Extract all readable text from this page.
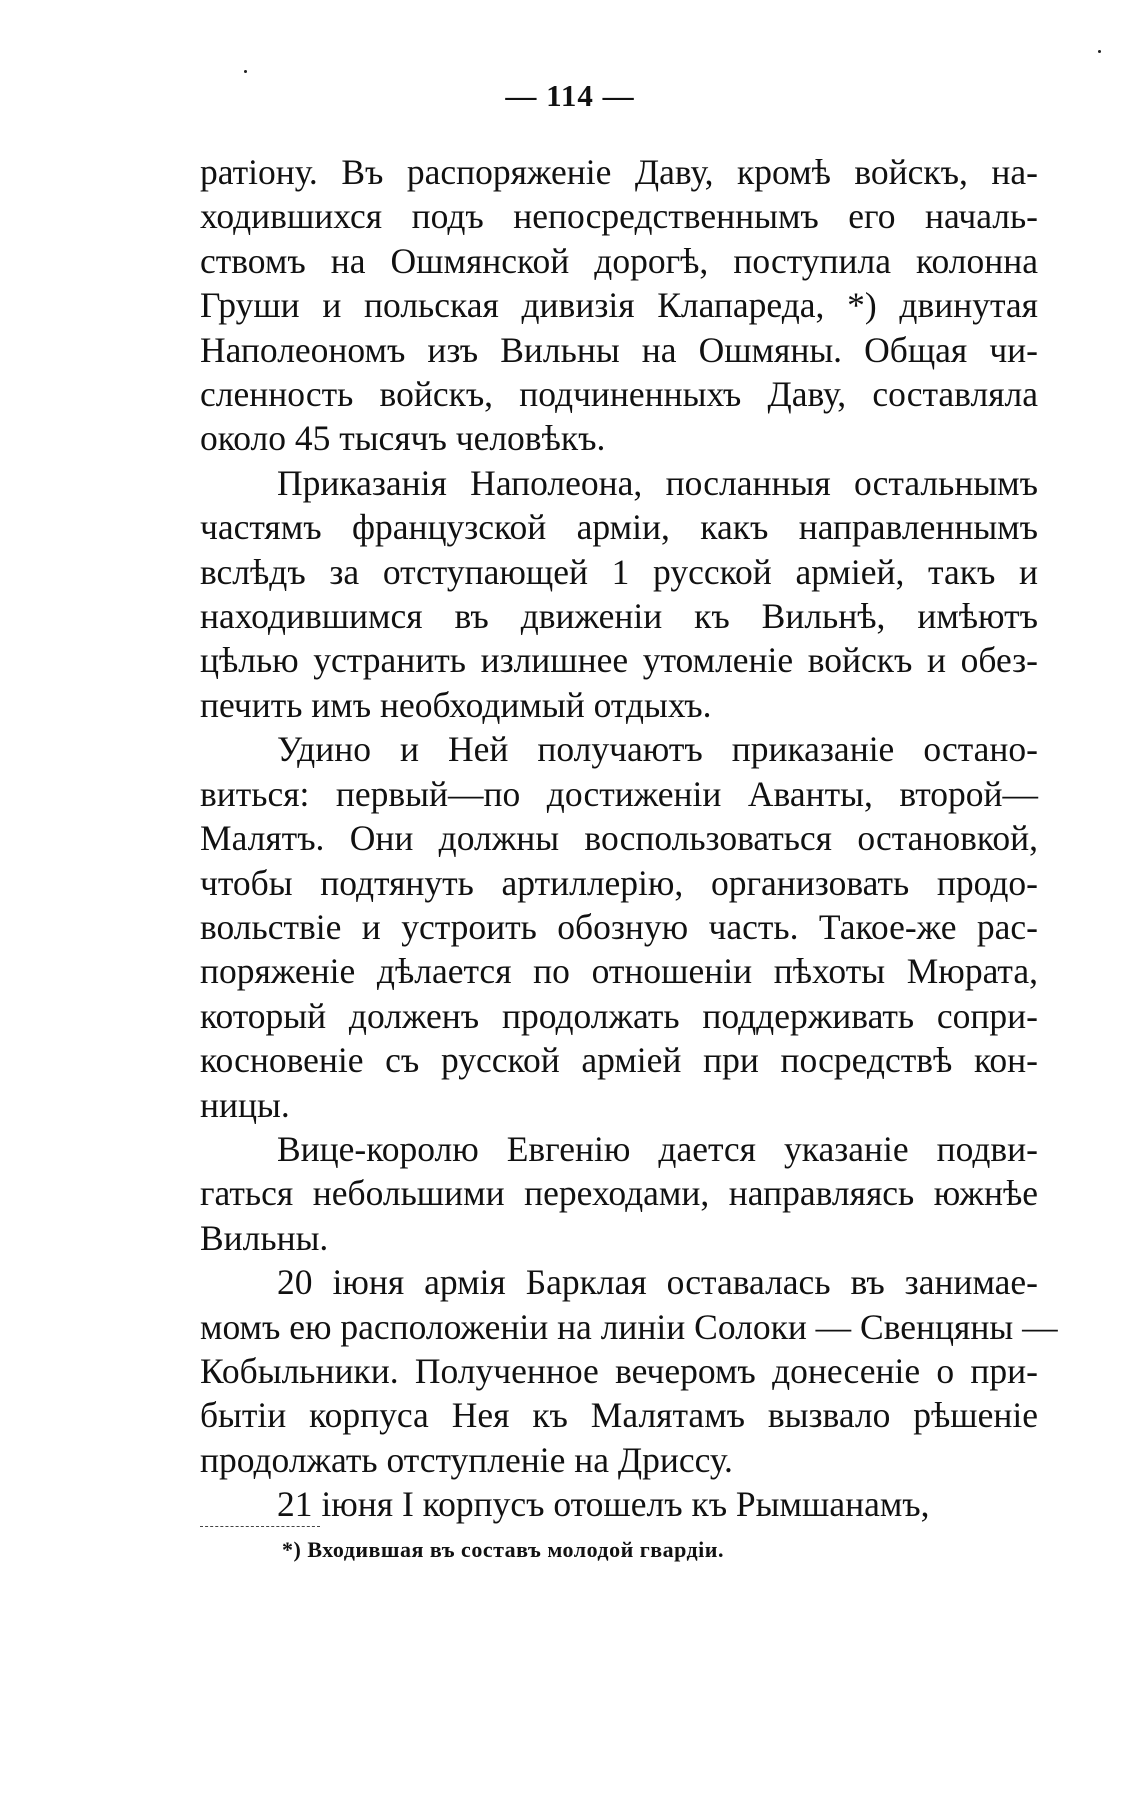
— 114 —
ратіону. Въ распоряженіе Даву, кромѣ войскъ, на-
ходившихся подъ непосредственнымъ его началь-
ствомъ на Ошмянской дорогѣ, поступила колонна
Груши и польская дивизія Клапареда, *) двинутая
Наполеономъ изъ Вильны на Ошмяны. Общая чи-
сленность войскъ, подчиненныхъ Даву, составляла
около 45 тысячъ человѣкъ.
Приказанія Наполеона, посланныя остальнымъ
частямъ французской арміи, какъ направленнымъ
вслѣдъ за отступающей 1 русской арміей, такъ и
находившимся въ движеніи къ Вильнѣ, имѣютъ
цѣлью устранить излишнее утомленіе войскъ и обез-
печить имъ необходимый отдыхъ.
Удино и Ней получаютъ приказаніе остано-
виться: первый—по достиженіи Аванты, второй—
Малятъ. Они должны воспользоваться остановкой,
чтобы подтянуть артиллерію, организовать продо-
вольствіе и устроить обозную часть. Такое-же рас-
поряженіе дѣлается по отношеніи пѣхоты Мюрата,
который долженъ продолжать поддерживать сопри-
косновеніе съ русской арміей при посредствѣ кон-
ницы.
Вице-королю Евгенію дается указаніе подви-
гаться небольшими переходами, направляясь южнѣе
Вильны.
20 іюня армія Барклая оставалась въ занимае-
момъ ею расположеніи на линіи Солоки — Свенцяны —
Кобыльники. Полученное вечеромъ донесеніе о при-
бытіи корпуса Нея къ Малятамъ вызвало рѣшеніе
продолжать отступленіе на Дриссу.
21 іюня I корпусъ отошелъ къ Рымшанамъ,
*) Входившая въ составъ молодой гвардіи.
